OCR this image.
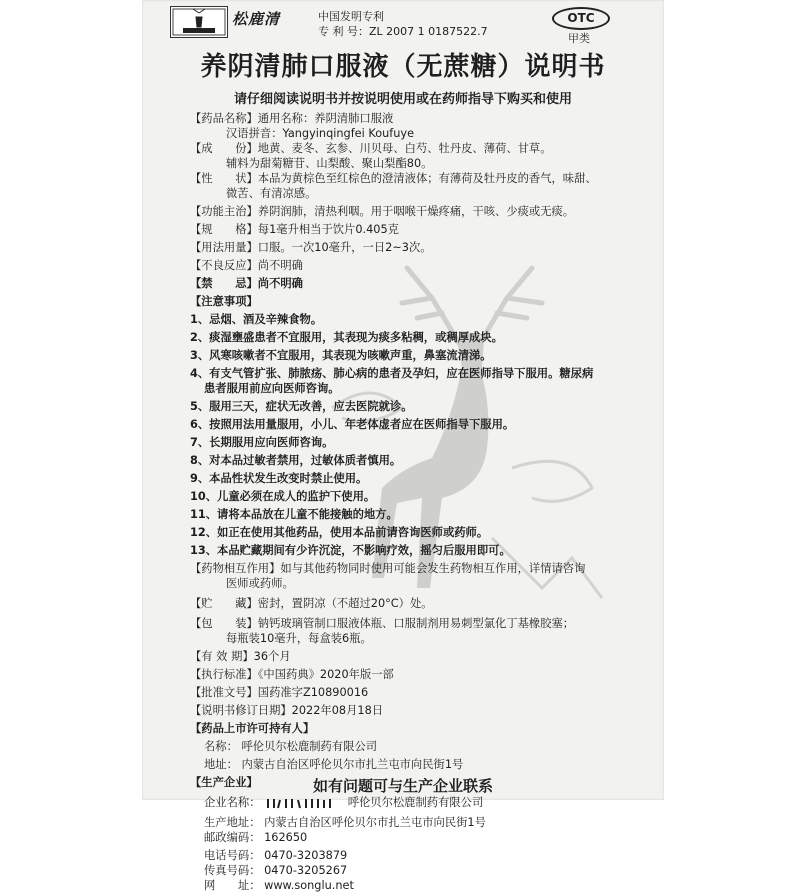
松鹿清	中国发明专利
专 利 号：ZL 2007 1 0187522.7
OTC
甲类
养阴清肺口服液（无蔗糖）说明书
请仔细阅读说明书并按说明使用或在药师指导下购买和使用
【药品名称】通用名称：养阴清肺口服液
汉语拼音：Yangyinqingfei Koufuye
【成　　份】地黄、麦冬、玄参、川贝母、白芍、牡丹皮、薄荷、甘草。
辅料为甜菊糖苷、山梨酸、聚山梨酯80。
【性　　状】本品为黄棕色至红棕色的澄清液体；有薄荷及牡丹皮的香气，味甜、
微苦、有清凉感。
【功能主治】养阴润肺，清热利咽。用于咽喉干燥疼痛，干咳、少痰或无痰。
【规　　格】每1毫升相当于饮片0.405克
【用法用量】口服。一次10毫升，一日2~3次。
【不良反应】尚不明确
【禁　　忌】尚不明确
【注意事项】
1、忌烟、酒及辛辣食物。
2、痰湿壅盛患者不宜服用，其表现为痰多粘稠，或稠厚成块。
3、风寒咳嗽者不宜服用，其表现为咳嗽声重，鼻塞流清涕。
4、有支气管扩张、肺脓疡、肺心病的患者及孕妇，应在医师指导下服用。糖尿病
患者服用前应向医师咨询。
5、服用三天，症状无改善，应去医院就诊。
6、按照用法用量服用，小儿、年老体虚者应在医师指导下服用。
7、长期服用应向医师咨询。
8、对本品过敏者禁用，过敏体质者慎用。
9、本品性状发生改变时禁止使用。
10、儿童必须在成人的监护下使用。
11、请将本品放在儿童不能接触的地方。
12、如正在使用其他药品，使用本品前请咨询医师或药师。
13、本品贮藏期间有少许沉淀，不影响疗效，摇匀后服用即可。
【药物相互作用】如与其他药物同时使用可能会发生药物相互作用，详情请咨询
医师或药师。
【贮　　藏】密封，置阴凉（不超过20°C）处。
【包　　装】钠钙玻璃管制口服液体瓶、口服制剂用易刺型氯化丁基橡胶塞；
每瓶装10毫升，每盒装6瓶。
【有 效 期】36个月
【执行标准】《中国药典》2020年版一部
【批准文号】国药准字Z10890016
【说明书修订日期】2022年08月18日
【药品上市许可持有人】
名称： 呼伦贝尔松鹿制药有限公司
地址： 内蒙古自治区呼伦贝尔市扎兰屯市向民街1号
【生产企业】
企业名称：	呼伦贝尔松鹿制药有限公司
生产地址： 内蒙古自治区呼伦贝尔市扎兰屯市向民街1号
邮政编码： 162650
电话号码： 0470-3203879
传真号码： 0470-3205267
网　　址： www.songlu.net
如有问题可与生产企业联系
